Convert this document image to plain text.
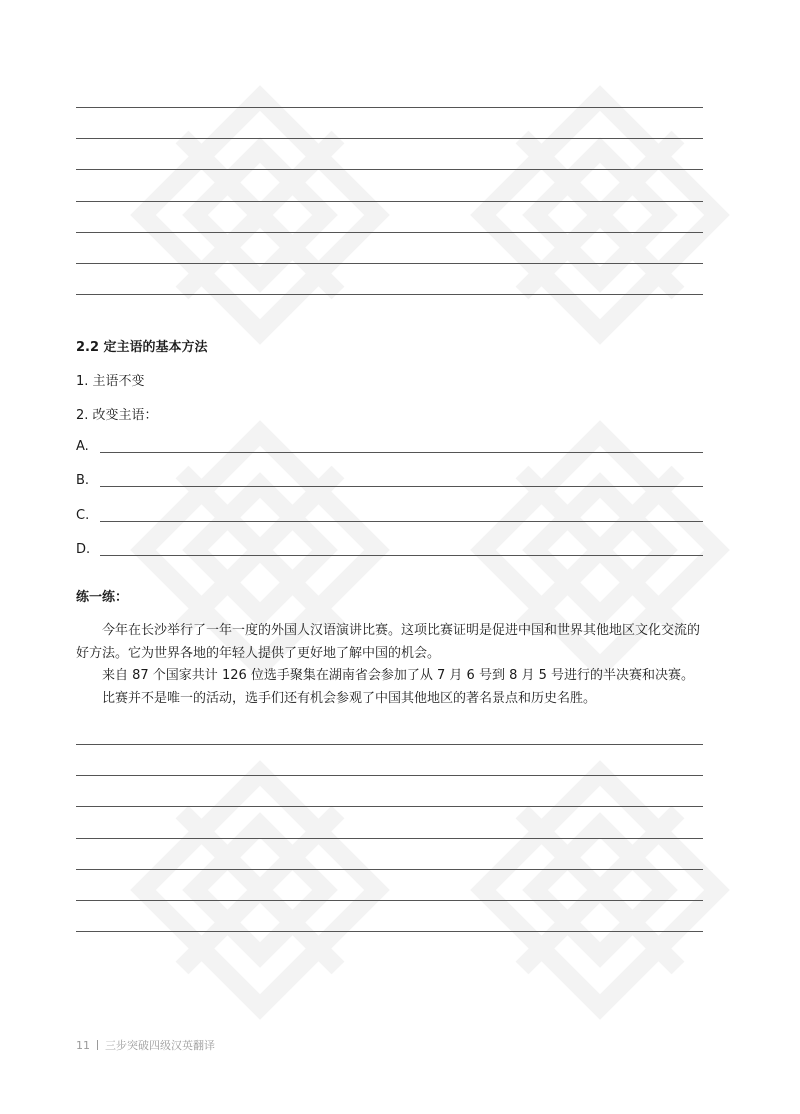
2.2 定主语的基本方法
1. 主语不变
2. 改变主语：
A.
B.
C.
D.
练一练：

今年在长沙举行了一年一度的外国人汉语演讲比赛。这项比赛证明是促进中国和世界其他地区文化交流的好方法。它为世界各地的年轻人提供了更好地了解中国的机会。

来自 87 个国家共计 126 位选手聚集在湖南省会参加了从 7 月 6 号到 8 月 5 号进行的半决赛和决赛。

比赛并不是唯一的活动，选手们还有机会参观了中国其他地区的著名景点和历史名胜。

11 三步突破四级汉英翻译
